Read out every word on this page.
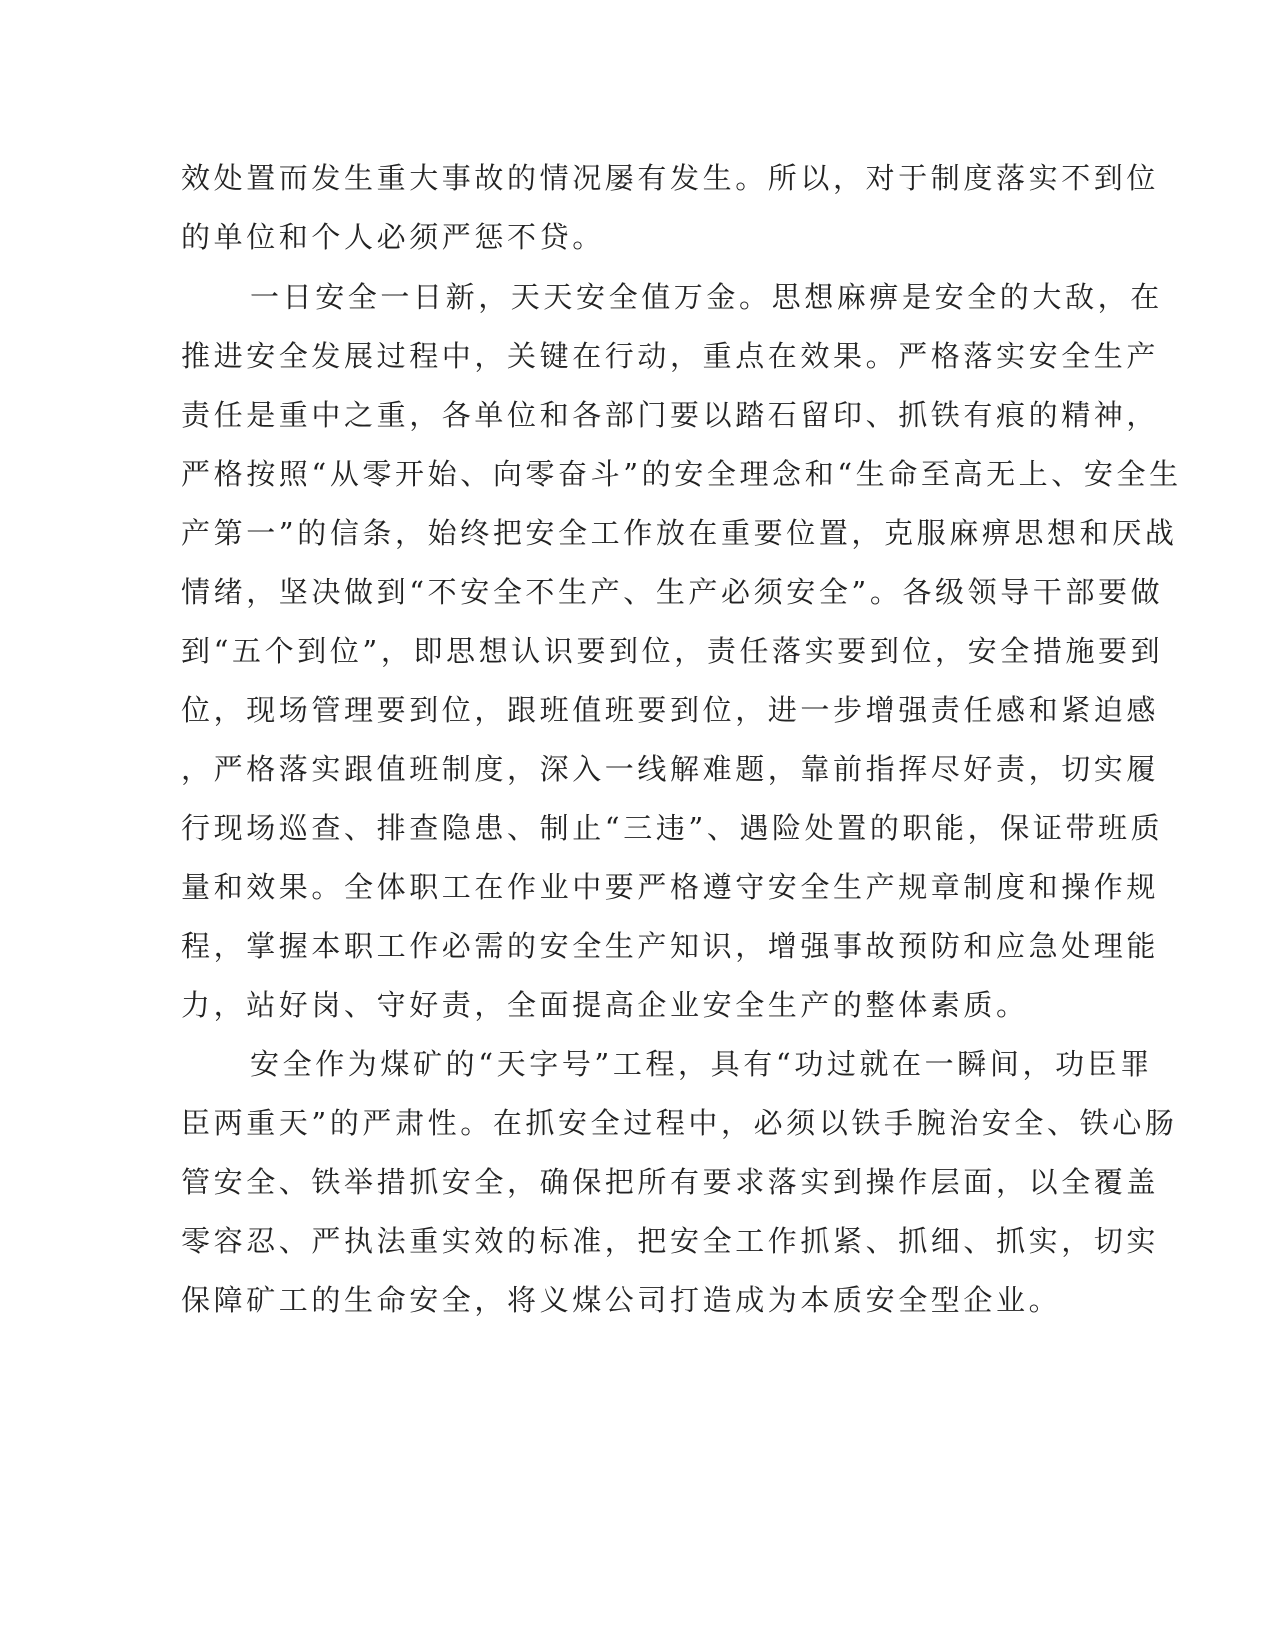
效处置而发生重大事故的情况屡有发生。所以，对于制度落实不到位
的单位和个人必须严惩不贷。
一日安全一日新，天天安全值万金。思想麻痹是安全的大敌，在
推进安全发展过程中，关键在行动，重点在效果。严格落实安全生产
责任是重中之重，各单位和各部门要以踏石留印、抓铁有痕的精神，
严格按照“从零开始、向零奋斗”的安全理念和“生命至高无上、安全生
产第一”的信条，始终把安全工作放在重要位置，克服麻痹思想和厌战
情绪，坚决做到“不安全不生产、生产必须安全”。各级领导干部要做
到“五个到位”，即思想认识要到位，责任落实要到位，安全措施要到
位，现场管理要到位，跟班值班要到位，进一步增强责任感和紧迫感
，严格落实跟值班制度，深入一线解难题，靠前指挥尽好责，切实履
行现场巡查、排查隐患、制止“三违”、遇险处置的职能，保证带班质
量和效果。全体职工在作业中要严格遵守安全生产规章制度和操作规
程，掌握本职工作必需的安全生产知识，增强事故预防和应急处理能
力，站好岗、守好责，全面提高企业安全生产的整体素质。
安全作为煤矿的“天字号”工程，具有“功过就在一瞬间，功臣罪
臣两重天”的严肃性。在抓安全过程中，必须以铁手腕治安全、铁心肠
管安全、铁举措抓安全，确保把所有要求落实到操作层面，以全覆盖
零容忍、严执法重实效的标准，把安全工作抓紧、抓细、抓实，切实
保障矿工的生命安全，将义煤公司打造成为本质安全型企业。
